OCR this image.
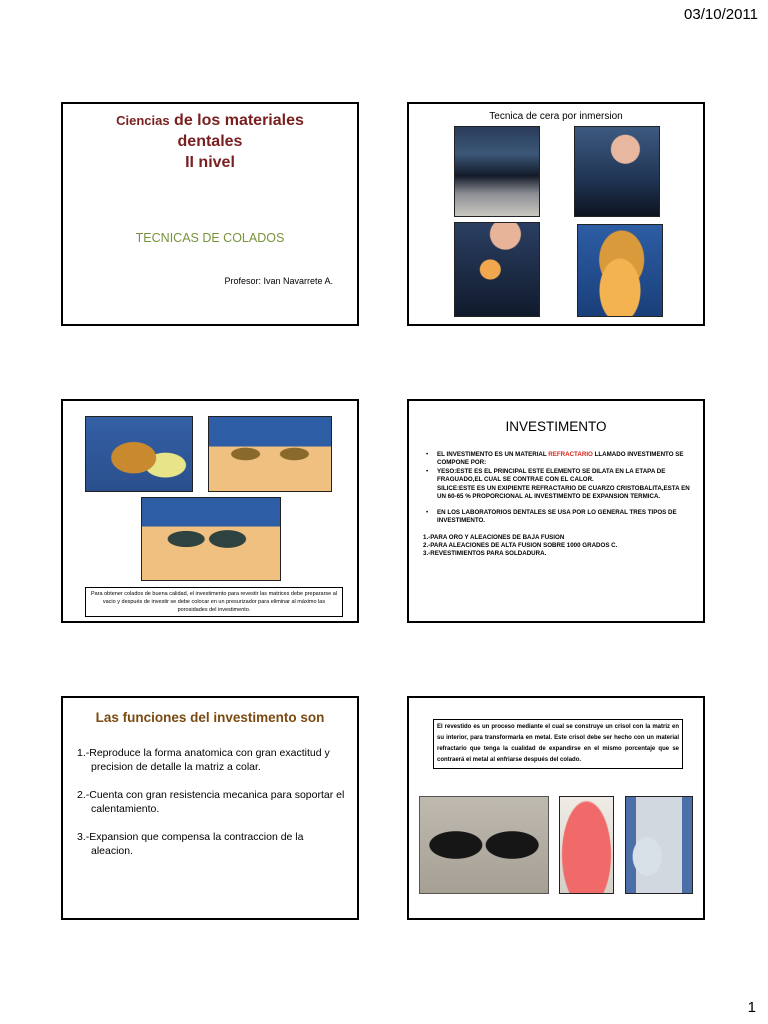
03/10/2011
Ciencias de los materiales
dentales
II nivel
TECNICAS DE COLADOS
Profesor: Ivan Navarrete A.
Tecnica de cera por inmersion
Para obtener colados de buena calidad, el investimento para revestir las matrices debe prepararse al vacio y después de investir se debe colocar en un presurizador para eliminar al máximo las porosidades del investimento.
INVESTIMENTO
• EL INVESTIMENTO ES UN MATERIAL REFRACTARIO LLAMADO INVESTIMENTO SE COMPONE POR:
• YESO:ESTE ES EL PRINCIPAL ESTE ELEMENTO SE DILATA EN LA ETAPA DE FRAGUADO,EL CUAL SE CONTRAE CON EL CALOR.
SILICE:ESTE ES UN EXIPIENTE REFRACTARIO DE CUARZO CRISTOBALITA,ESTA EN UN 60-65 % PROPORCIONAL AL INVESTIMENTO DE EXPANSION TERMICA.
• EN LOS LABORATORIOS DENTALES SE USA POR LO GENERAL TRES TIPOS DE INVESTIMENTO.
1.-PARA ORO Y ALEACIONES DE BAJA FUSION
2.-PARA ALEACIONES DE ALTA FUSION SOBRE 1000 GRADOS C.
3.-REVESTIMIENTOS PARA SOLDADURA.
Las funciones del investimento son
1.-Reproduce la forma anatomica con gran exactitud y precision de detalle la matriz a colar.
2.-Cuenta con gran resistencia mecanica para soportar el calentamiento.
3.-Expansion que compensa la contraccion de la aleacion.
El revestido es un proceso mediante el cual se construye un crisol con la matriz en su interior, para transformarla en metal. Este crisol debe ser hecho con un material refractario que tenga la cualidad de expandirse en el mismo porcentaje que se contraerá el metal al enfriarse después del colado.
1
